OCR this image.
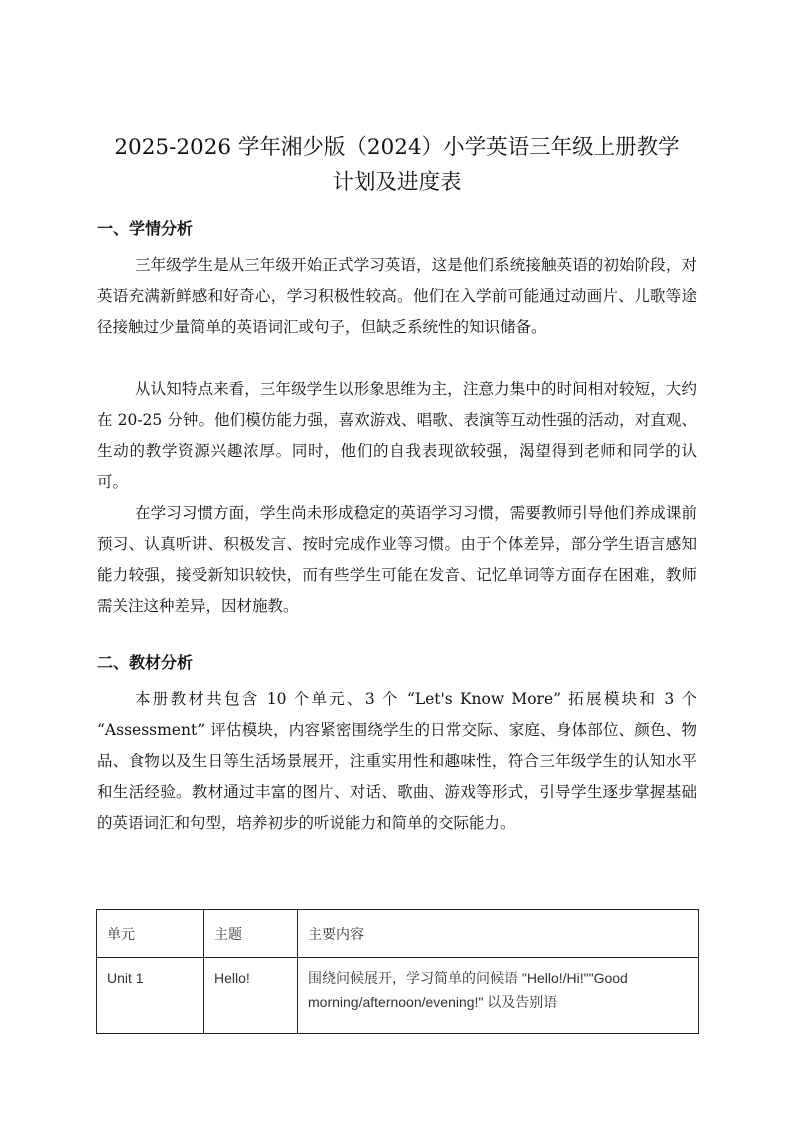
2025-2026 学年湘少版（2024）小学英语三年级上册教学
计划及进度表
一、学情分析
三年级学生是从三年级开始正式学习英语，这是他们系统接触英语的初始阶段，对英语充满新鲜感和好奇心，学习积极性较高。他们在入学前可能通过动画片、儿歌等途径接触过少量简单的英语词汇或句子，但缺乏系统性的知识储备。
从认知特点来看，三年级学生以形象思维为主，注意力集中的时间相对较短，大约在 20-25 分钟。他们模仿能力强，喜欢游戏、唱歌、表演等互动性强的活动，对直观、生动的教学资源兴趣浓厚。同时，他们的自我表现欲较强，渴望得到老师和同学的认可。
在学习习惯方面，学生尚未形成稳定的英语学习习惯，需要教师引导他们养成课前预习、认真听讲、积极发言、按时完成作业等习惯。由于个体差异，部分学生语言感知能力较强，接受新知识较快，而有些学生可能在发音、记忆单词等方面存在困难，教师需关注这种差异，因材施教。
二、教材分析
本册教材共包含 10 个单元、3 个 “Let's Know More” 拓展模块和 3 个 “Assessment” 评估模块，内容紧密围绕学生的日常交际、家庭、身体部位、颜色、物品、食物以及生日等生活场景展开，注重实用性和趣味性，符合三年级学生的认知水平和生活经验。教材通过丰富的图片、对话、歌曲、游戏等形式，引导学生逐步掌握基础的英语词汇和句型，培养初步的听说能力和简单的交际能力。
单元	主题	主要内容
Unit 1	Hello!	围绕问候展开，学习简单的问候语 "Hello!/Hi!""Good morning/afternoon/evening!" 以及告别语
